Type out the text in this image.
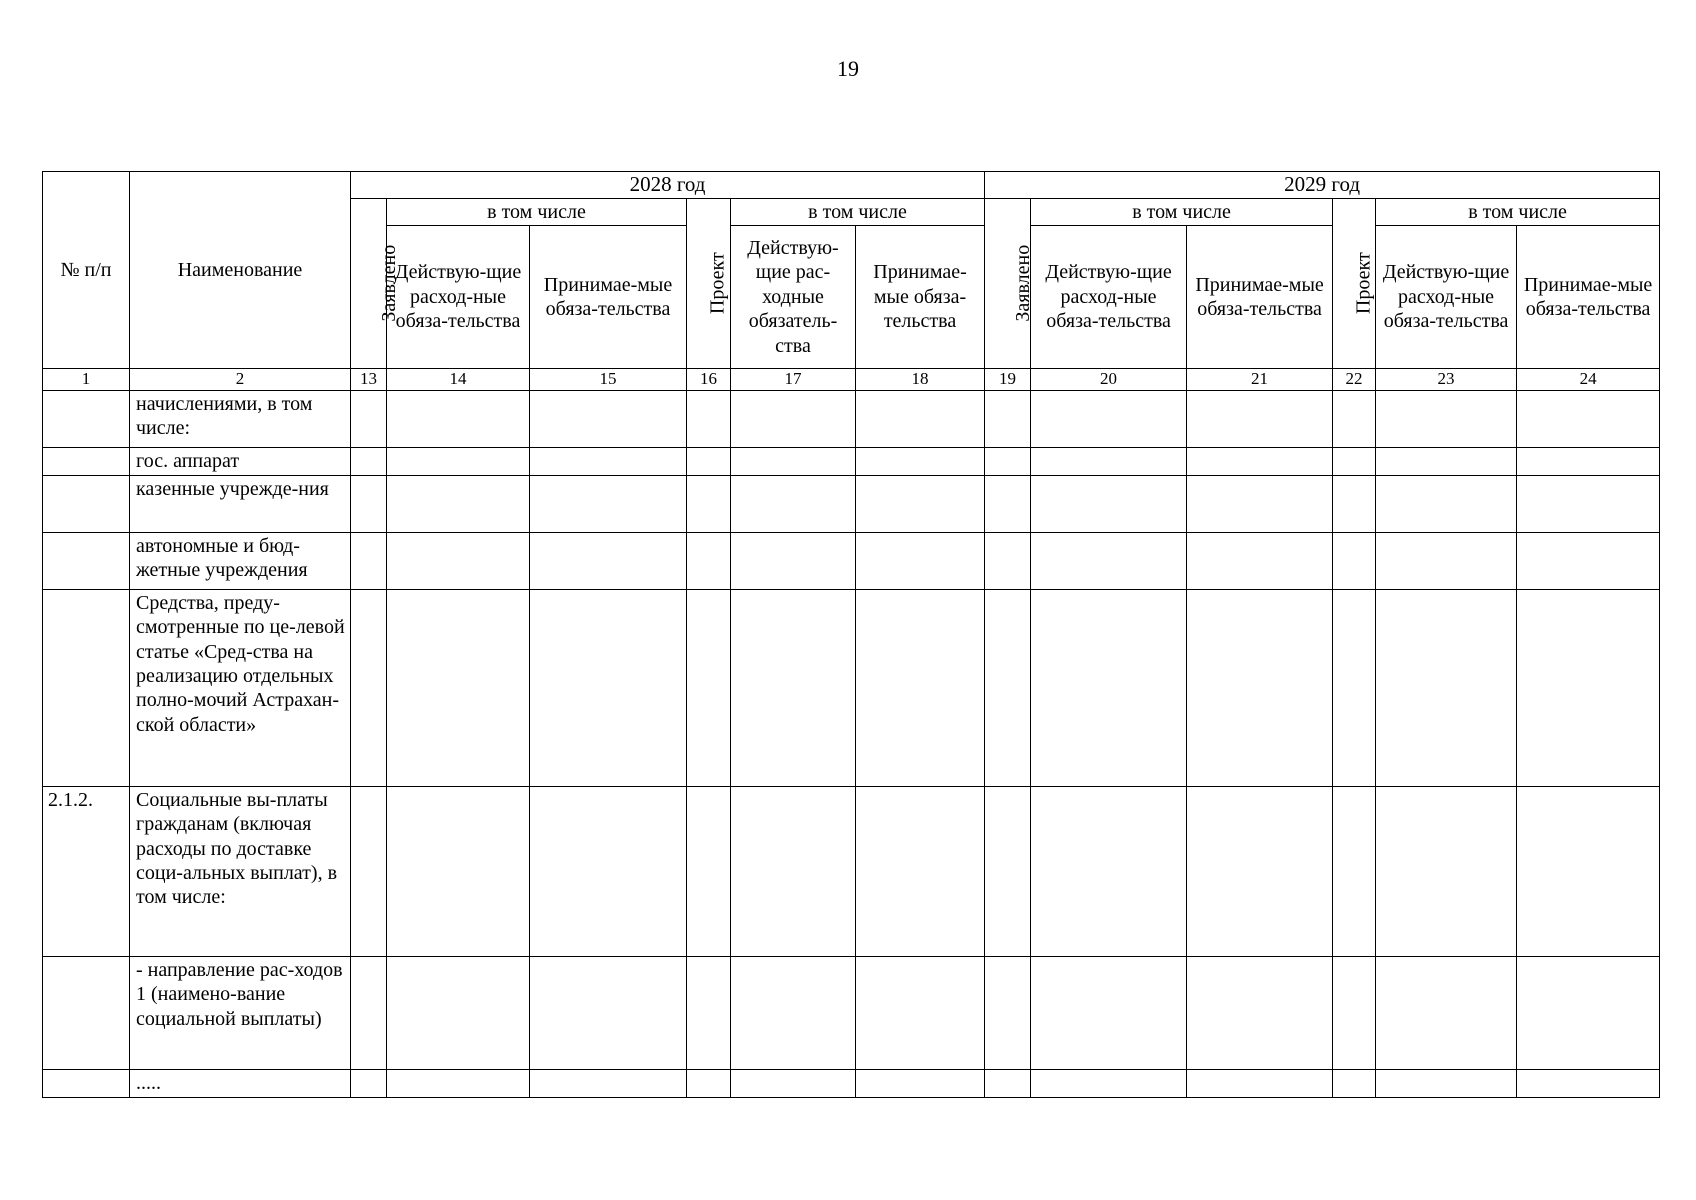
19
№ п/п	Наименование	2028 год						2029 год					
		Заявлено	в том числе		Проект	в том числе		Заявлено	в том числе		Проект	в том числе	
			Действую-щие расход-ные обяза-тельства	Принимае-мые обяза-тельства		Действую-щие рас-ходные обязатель-ства	Принимае-мые обяза-тельства		Действую-щие расход-ные обяза-тельства	Принимае-мые обяза-тельства		Действую-щие расход-ные обяза-тельства	Принимае-мые обяза-тельства
1	2	13	14	15	16	17	18	19	20	21	22	23	24
	начислениями, в том числе:												
	гос. аппарат												
	казенные учрежде-ния												
	автономные и бюд-жетные учреждения												
	Средства, преду-смотренные по це-левой статье «Сред-ства на реализацию отдельных полно-мочий Астрахан-ской области»												
2.1.2.	Социальные вы-платы гражданам (включая расходы по доставке соци-альных выплат), в том числе:												
	- направление рас-ходов 1 (наимено-вание социальной выплаты)												
	.....												
